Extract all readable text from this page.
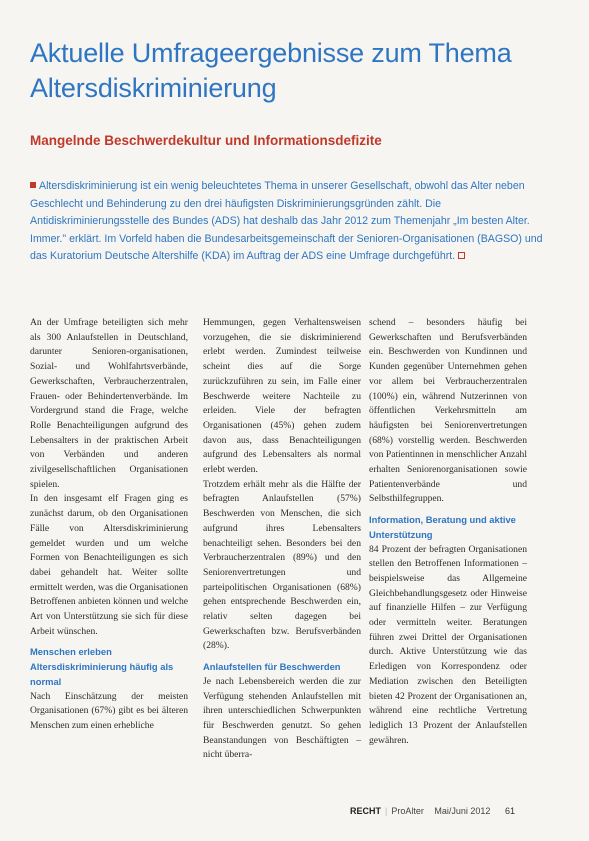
Aktuelle Umfrageergebnisse zum Thema Altersdiskriminierung
Mangelnde Beschwerdekultur und Informationsdefizite

Altersdiskriminierung ist ein wenig beleuchtetes Thema in unserer Gesellschaft, obwohl das Alter neben Geschlecht und Behinderung zu den drei häufigsten Diskriminierungsgründen zählt. Die Antidiskriminierungsstelle des Bundes (ADS) hat deshalb das Jahr 2012 zum Themenjahr „Im besten Alter. Immer." erklärt. Im Vorfeld haben die Bundesarbeitsgemeinschaft der Senioren-Organisationen (BAGSO) und das Kuratorium Deutsche Altershilfe (KDA) im Auftrag der ADS eine Umfrage durchgeführt.

An der Umfrage beteiligten sich mehr als 300 Anlaufstellen in Deutschland, darunter Senioren-organisationen, Sozial- und Wohlfahrtsverbände, Gewerkschaften, Verbraucherzentralen, Frauen- oder Behindertenverbände. Im Vordergrund stand die Frage, welche Rolle Benachteiligungen aufgrund des Lebensalters in der praktischen Arbeit von Verbänden und anderen zivilgesellschaftlichen Organisationen spielen.

In den insgesamt elf Fragen ging es zunächst darum, ob den Organisationen Fälle von Altersdiskriminierung gemeldet wurden und um welche Formen von Benachteiligungen es sich dabei gehandelt hat. Weiter sollte ermittelt werden, was die Organisationen Betroffenen anbieten können und welche Art von Unterstützung sie sich für diese Arbeit wünschen.

Menschen erleben Altersdiskriminierung häufig als normal

Nach Einschätzung der meisten Organisationen (67%) gibt es bei älteren Menschen zum einen erhebliche

Hemmungen, gegen Verhaltensweisen vorzugehen, die sie diskriminierend erlebt werden. Zumindest teilweise scheint dies auf die Sorge zurückzuführen zu sein, im Falle einer Beschwerde weitere Nachteile zu erleiden. Viele der befragten Organisationen (45%) gehen zudem davon aus, dass Benachteiligungen aufgrund des Lebensalters als normal erlebt werden.

Trotzdem erhält mehr als die Hälfte der befragten Anlaufstellen (57%) Beschwerden von Menschen, die sich aufgrund ihres Lebensalters benachteiligt sehen. Besonders bei den Verbraucherzentralen (89%) und den Seniorenvertretungen und parteipolitischen Organisationen (68%) gehen entsprechende Beschwerden ein, relativ selten dagegen bei Gewerkschaften bzw. Berufsverbänden (28%).

Anlaufstellen für Beschwerden

Je nach Lebensbereich werden die zur Verfügung stehenden Anlaufstellen mit ihren unterschiedlichen Schwerpunkten für Beschwerden genutzt. So gehen Beanstandungen von Beschäftigten – nicht überra-

schend – besonders häufig bei Gewerkschaften und Berufsverbänden ein. Beschwerden von Kundinnen und Kunden gegenüber Unternehmen gehen vor allem bei Verbraucherzentralen (100%) ein, während Nutzerinnen von öffentlichen Verkehrsmitteln am häufigsten bei Seniorenvertretungen (68%) vorstellig werden. Beschwerden von Patientinnen in menschlicher Anzahl erhalten Seniorenorganisationen sowie Patientenverbände und Selbsthilfegruppen.

Information, Beratung und aktive Unterstützung

84 Prozent der befragten Organisationen stellen den Betroffenen Informationen – beispielsweise das Allgemeine Gleichbehandlungsgesetz oder Hinweise auf finanzielle Hilfen – zur Verfügung oder vermitteln weiter. Beratungen führen zwei Drittel der Organisationen durch. Aktive Unterstützung wie das Erledigen von Korrespondenz oder Mediation zwischen den Beteiligten bieten 42 Prozent der Organisationen an, während eine rechtliche Vertretung lediglich 13 Prozent der Anlaufstellen gewähren.

RECHT | ProAlter Mai/Juni 2012 61
